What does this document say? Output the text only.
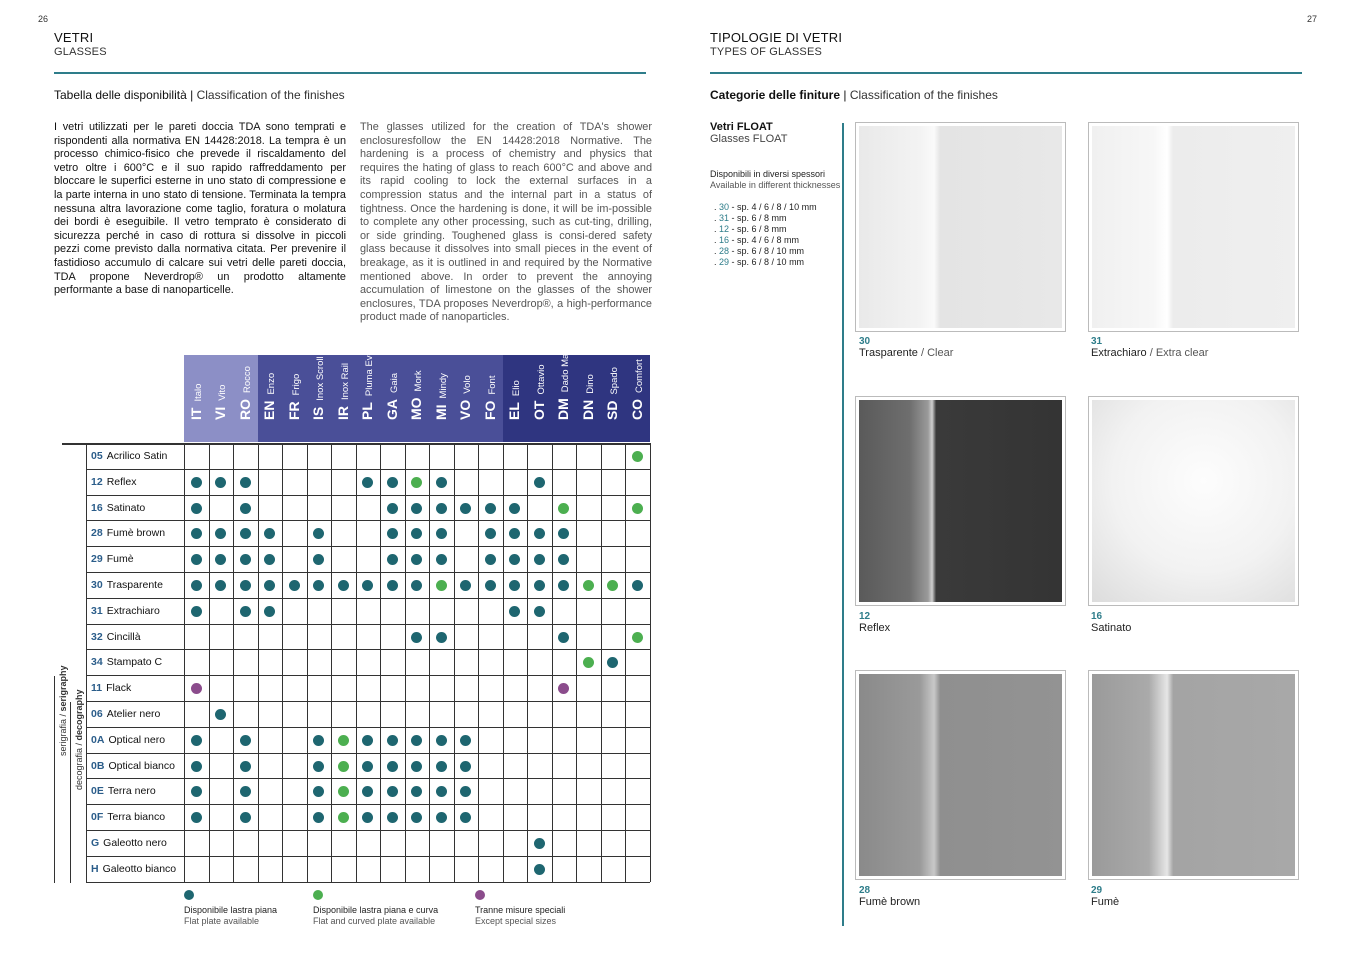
26
VETRI
GLASSES
Tabella delle disponibilità | Classification of the finishes
I vetri utilizzati per le pareti doccia TDA sono temprati e rispondenti alla normativa EN 14428:2018. La tempra è un processo chimico-fisico che prevede il riscaldamento del vetro oltre i 600°C e il suo rapido raffreddamento per bloccare le superfici esterne in uno stato di compressione e la parte interna in uno stato di tensione. Terminata la tempra nessuna altra lavorazione come taglio, foratura o molatura dei bordi è eseguibile. Il vetro temprato è considerato di sicurezza perché in caso di rottura si dissolve in piccoli pezzi come previsto dalla normativa citata. Per prevenire il fastidioso accumulo di calcare sui vetri delle pareti doccia, TDA propone Neverdrop® un prodotto altamente performante a base di nanoparticelle.
The glasses utilized for the creation of TDA's shower enclosuresfollow the EN 14428:2018 Normative. The hardening is a process of chemistry and physics that requires the hating of glass to reach 600°C and above and its rapid cooling to lock the external surfaces in a compression status and the internal part in a status of tightness. Once the hardening is done, it will be im-possible to complete any other processing, such as cut-ting, drilling, or side grinding. Toughened glass is consi-dered safety glass because it dissolves into small pieces in the event of breakage, as it is outlined in and required by the Normative mentioned above. In order to prevent the annoying accumulation of limestone on the glasses of the shower enclosures, TDA proposes Neverdrop®, a high-performance product made of nanoparticles.
ITItalo
VIVito
RORocco
ENEnzo
FRFrigo
ISInox Scroll
IRInox Rail
PLPluma Evo
GAGaia
MOMork
MIMindy
VOVolo
FOFont
ELElio
OTOttavio
DMDado Maxi
DNDino
SDSpado
COComfort
05 Acrilico Satin
12 Reflex
16 Satinato
28 Fumè brown
29 Fumè
30 Trasparente
31 Extrachiaro
32 Cincillà
34 Stampato C
11 Flack
06 Atelier nero
0A Optical nero
0B Optical bianco
0E Terra nero
0F Terra bianco
G Galeotto nero
H Galeotto bianco
serigrafia / serigraphy
decografia / decography
Disponibile lastra piana
Flat plate available
Disponibile lastra piana e curva
Flat and curved plate available
Tranne misure speciali
Except special sizes
27
TIPOLOGIE DI VETRI
TYPES OF GLASSES
Categorie delle finiture | Classification of the finishes
Vetri FLOAT
Glasses FLOAT
Disponibili in diversi spessori
Available in different thicknesses
. 30 - sp. 4 / 6 / 8 / 10 mm
. 31 - sp. 6 / 8 mm
. 12 - sp. 6 / 8 mm
. 16 - sp. 4 / 6 / 8 mm
. 28 - sp. 6 / 8 / 10 mm
. 29 - sp. 6 / 8 / 10 mm
30
Trasparente / Clear
31
Extrachiaro / Extra clear
12
Reflex
16
Satinato
28
Fumè brown
29
Fumè
